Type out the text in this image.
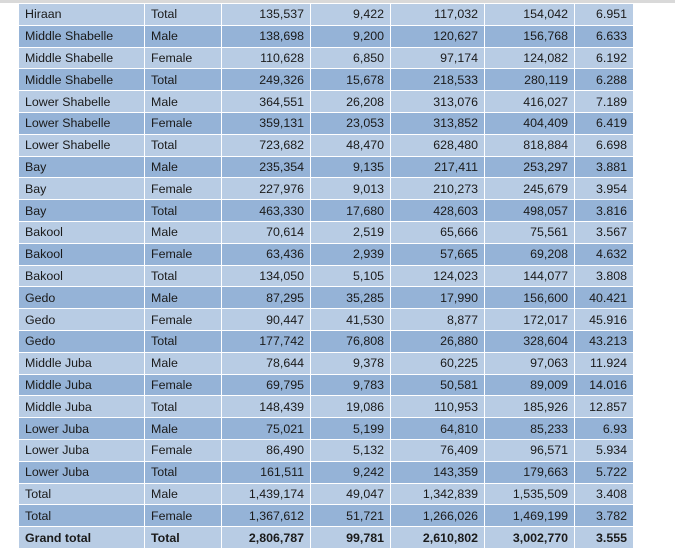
Hiraan	Total	135,537	9,422	117,032	154,042	6.951
Middle Shabelle	Male	138,698	9,200	120,627	156,768	6.633
Middle Shabelle	Female	110,628	6,850	97,174	124,082	6.192
Middle Shabelle	Total	249,326	15,678	218,533	280,119	6.288
Lower Shabelle	Male	364,551	26,208	313,076	416,027	7.189
Lower Shabelle	Female	359,131	23,053	313,852	404,409	6.419
Lower Shabelle	Total	723,682	48,470	628,480	818,884	6.698
Bay	Male	235,354	9,135	217,411	253,297	3.881
Bay	Female	227,976	9,013	210,273	245,679	3.954
Bay	Total	463,330	17,680	428,603	498,057	3.816
Bakool	Male	70,614	2,519	65,666	75,561	3.567
Bakool	Female	63,436	2,939	57,665	69,208	4.632
Bakool	Total	134,050	5,105	124,023	144,077	3.808
Gedo	Male	87,295	35,285	17,990	156,600	40.421
Gedo	Female	90,447	41,530	8,877	172,017	45.916
Gedo	Total	177,742	76,808	26,880	328,604	43.213
Middle Juba	Male	78,644	9,378	60,225	97,063	11.924
Middle Juba	Female	69,795	9,783	50,581	89,009	14.016
Middle Juba	Total	148,439	19,086	110,953	185,926	12.857
Lower Juba	Male	75,021	5,199	64,810	85,233	6.93
Lower Juba	Female	86,490	5,132	76,409	96,571	5.934
Lower Juba	Total	161,511	9,242	143,359	179,663	5.722
Total	Male	1,439,174	49,047	1,342,839	1,535,509	3.408
Total	Female	1,367,612	51,721	1,266,026	1,469,199	3.782
Grand total	Total	2,806,787	99,781	2,610,802	3,002,770	3.555
